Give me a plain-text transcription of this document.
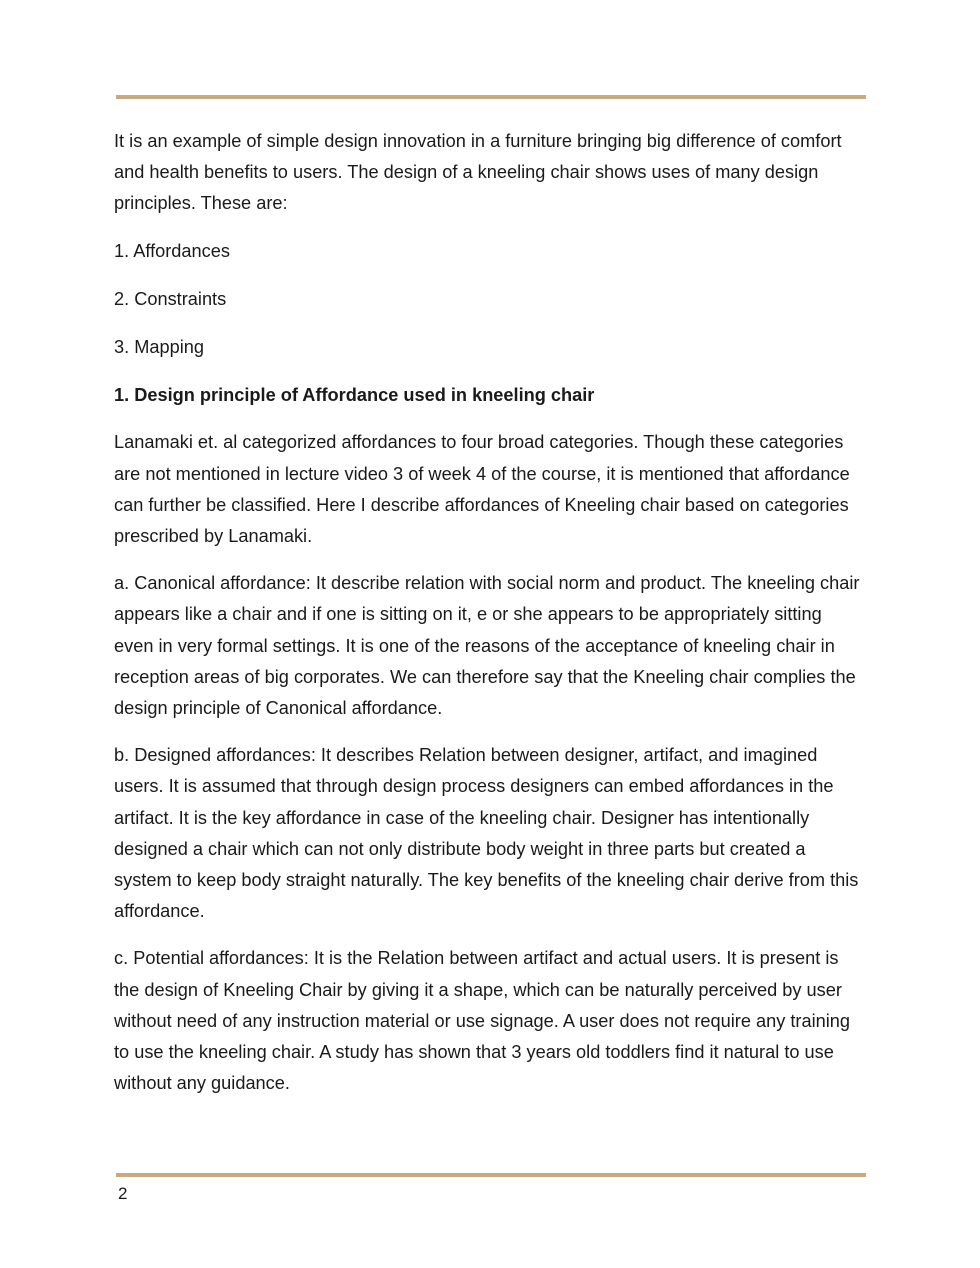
It is an example of simple design innovation in a furniture bringing big difference of comfort and health benefits to users. The design of a kneeling chair shows uses of many design principles. These are:

1. Affordances

2. Constraints

3. Mapping

1. Design principle of Affordance used in kneeling chair

Lanamaki et. al categorized affordances to four broad categories. Though these categories are not mentioned in lecture video 3 of week 4 of the course, it is mentioned that affordance can further be classified. Here I describe affordances of Kneeling chair based on categories prescribed by Lanamaki.

a. Canonical affordance: It describe relation with social norm and product. The kneeling chair appears like a chair and if one is sitting on it, e or she appears to be appropriately sitting even in very formal settings. It is one of the reasons of the acceptance of kneeling chair in reception areas of big corporates. We can therefore say that the Kneeling chair complies the design principle of Canonical affordance.

b. Designed affordances: It describes Relation between designer, artifact, and imagined users. It is assumed that through design process designers can embed affordances in the artifact. It is the key affordance in case of the kneeling chair. Designer has intentionally designed a chair which can not only distribute body weight in three parts but created a system to keep body straight naturally. The key benefits of the kneeling chair derive from this affordance.

c. Potential affordances: It is the Relation between artifact and actual users. It is present is the design of Kneeling Chair by giving it a shape, which can be naturally perceived by user without need of any instruction material or use signage. A user does not require any training to use the kneeling chair. A study has shown that 3 years old toddlers find it natural to use without any guidance.

2
